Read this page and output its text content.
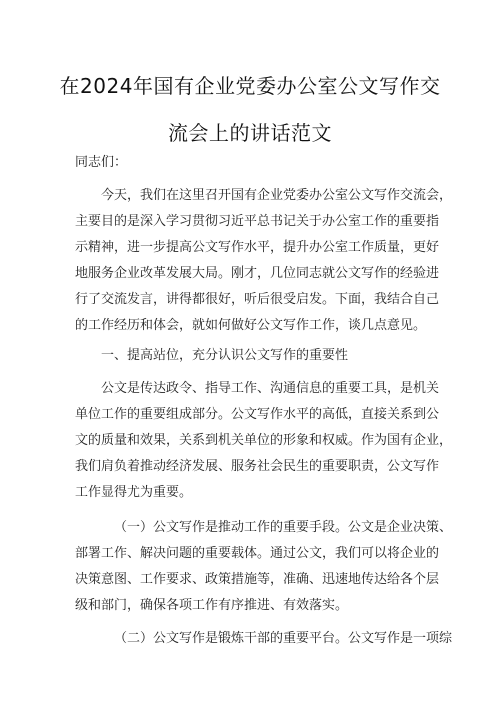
在2024年国有企业党委办公室公文写作交
流会上的讲话范文
同志们：
今天，我们在这里召开国有企业党委办公室公文写作交流会，
主要目的是深入学习贯彻习近平总书记关于办公室工作的重要指
示精神，进一步提高公文写作水平，提升办公室工作质量，更好
地服务企业改革发展大局。刚才，几位同志就公文写作的经验进
行了交流发言，讲得都很好，听后很受启发。下面，我结合自己
的工作经历和体会，就如何做好公文写作工作，谈几点意见。
一、提高站位，充分认识公文写作的重要性
公文是传达政令、指导工作、沟通信息的重要工具，是机关
单位工作的重要组成部分。公文写作水平的高低，直接关系到公
文的质量和效果，关系到机关单位的形象和权威。作为国有企业，
我们肩负着推动经济发展、服务社会民生的重要职责，公文写作
工作显得尤为重要。
（一）公文写作是推动工作的重要手段。公文是企业决策、
部署工作、解决问题的重要载体。通过公文，我们可以将企业的
决策意图、工作要求、政策措施等，准确、迅速地传达给各个层
级和部门，确保各项工作有序推进、有效落实。
（二）公文写作是锻炼干部的重要平台。公文写作是一项综
